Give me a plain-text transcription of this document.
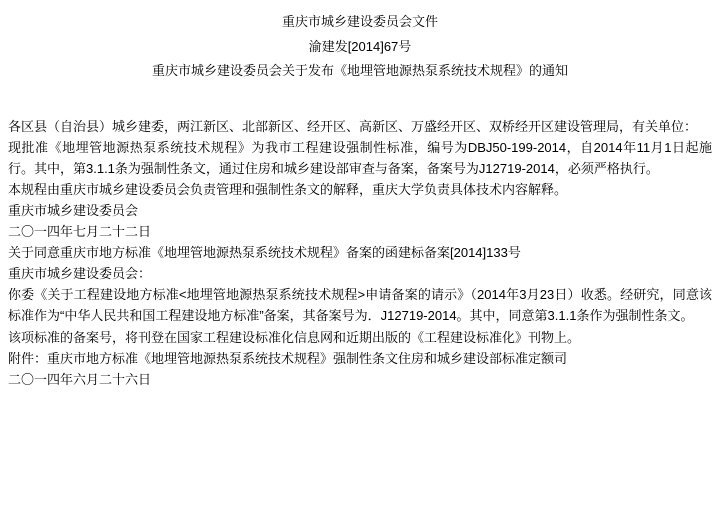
重庆市城乡建设委员会文件
渝建发[2014]67号
重庆市城乡建设委员会关于发布《地埋管地源热泵系统技术规程》的通知

各区县（自治县）城乡建委，两江新区、北部新区、经开区、高新区、万盛经开区、双桥经开区建设管理局，有关单位：

现批准《地埋管地源热泵系统技术规程》为我市工程建设强制性标准，编号为DBJ50-199-2014，自2014年11月1日起施行。其中，第3.1.1条为强制性条文，通过住房和城乡建设部审查与备案，备案号为J12719-2014，必须严格执行。

本规程由重庆市城乡建设委员会负责管理和强制性条文的解释，重庆大学负责具体技术内容解释。

重庆市城乡建设委员会

二〇一四年七月二十二日

关于同意重庆市地方标准《地埋管地源热泵系统技术规程》备案的函建标备案[2014]133号

重庆市城乡建设委员会：

你委《关于工程建设地方标准<地埋管地源热泵系统技术规程>申请备案的请示》（2014年3月23日）收悉。经研究，同意该标准作为“中华人民共和国工程建设地方标准”备案，其备案号为．J12719-2014。其中，同意第3.1.1条作为强制性条文。

该项标准的备案号，将刊登在国家工程建设标准化信息网和近期出版的《工程建设标准化》刊物上。

附件：重庆市地方标准《地埋管地源热泵系统技术规程》强制性条文住房和城乡建设部标准定额司

二〇一四年六月二十六日
